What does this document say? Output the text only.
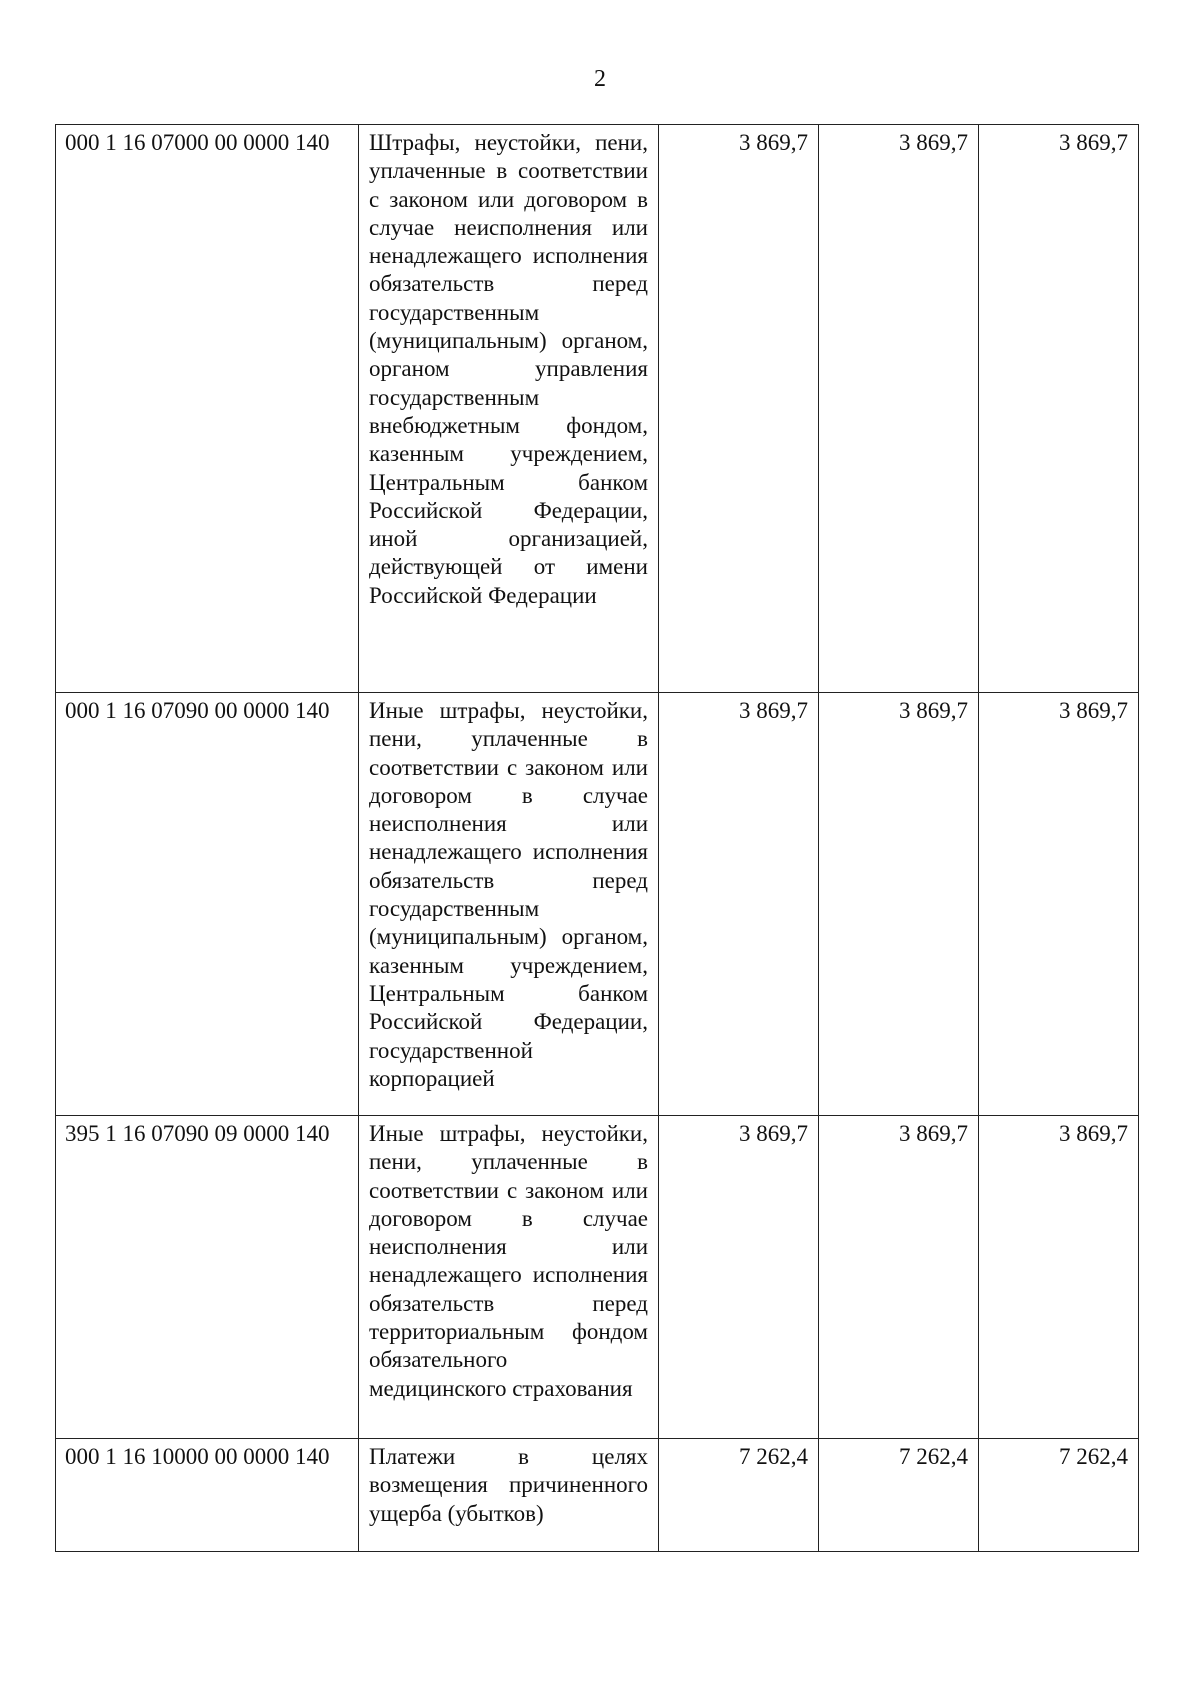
2
000 1 16 07000 00 0000 140	Штрафы, неустойки, пени, уплаченные в соответствии с законом или договором в случае неисполнения или ненадлежащего исполнения обязательств перед государственным (муниципальным) органом, органом управления государственным внебюджетным фондом, казенным учреждением, Центральным банком Российской Федерации, иной организацией, действующей от имени Российской Федерации	3 869,7	3 869,7	3 869,7
000 1 16 07090 00 0000 140	Иные штрафы, неустойки, пени, уплаченные в соответствии с законом или договором в случае неисполнения или ненадлежащего исполнения обязательств перед государственным (муниципальным) органом, казенным учреждением, Центральным банком Российской Федерации, государственной корпорацией	3 869,7	3 869,7	3 869,7
395 1 16 07090 09 0000 140	Иные штрафы, неустойки, пени, уплаченные в соответствии с законом или договором в случае неисполнения или ненадлежащего исполнения обязательств перед территориальным фондом обязательного медицинского страхования	3 869,7	3 869,7	3 869,7
000 1 16 10000 00 0000 140	Платежи в целях возмещения причиненного ущерба (убытков)	7 262,4	7 262,4	7 262,4
